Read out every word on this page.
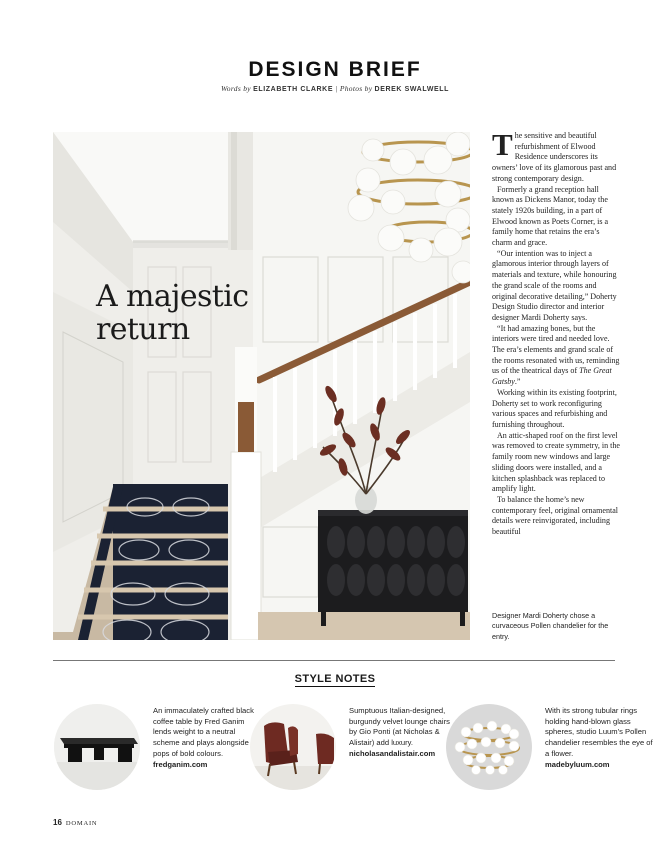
DESIGN BRIEF
Words by ELIZABETH CLARKE | Photos by DEREK SWALWELL
A majestic
return

The sensitive and beautiful refurbishment of Elwood Residence underscores its owners’ love of its glamorous past and strong contemporary design.

Formerly a grand reception hall known as Dickens Manor, today the stately 1920s building, in a part of Elwood known as Poets Corner, is a family home that retains the era’s charm and grace.

“Our intention was to inject a glamorous interior through layers of materials and texture, while honouring the grand scale of the rooms and original decorative detailing,” Doherty Design Studio director and interior designer Mardi Doherty says.

“It had amazing bones, but the interiors were tired and needed love. The era’s elements and grand scale of the rooms resonated with us, reminding us of the theatrical days of The Great Gatsby.”

Working within its existing footprint, Doherty set to work reconfiguring various spaces and refurbishing and furnishing throughout.

An attic-shaped roof on the first level was removed to create symmetry, in the family room new windows and large sliding doors were installed, and a kitchen splashback was replaced to amplify light.

To balance the home’s new contemporary feel, original ornamental details were reinvigorated, including beautiful

Designer Mardi Doherty chose a curvaceous Pollen chandelier for the entry.
STYLE NOTES
An immaculately crafted black coffee table by Fred Ganim lends weight to a neutral scheme and plays alongside pops of bold colours.
fredganim.com
Sumptuous Italian-designed, burgundy velvet lounge chairs by Gio Ponti (at Nicholas & Alistair) add luxury.
nicholasandalistair.com
With its strong tubular rings holding hand-blown glass spheres, studio Luum’s Pollen chandelier resembles the eye of a flower.
madebyluum.com
16 DOMAIN
